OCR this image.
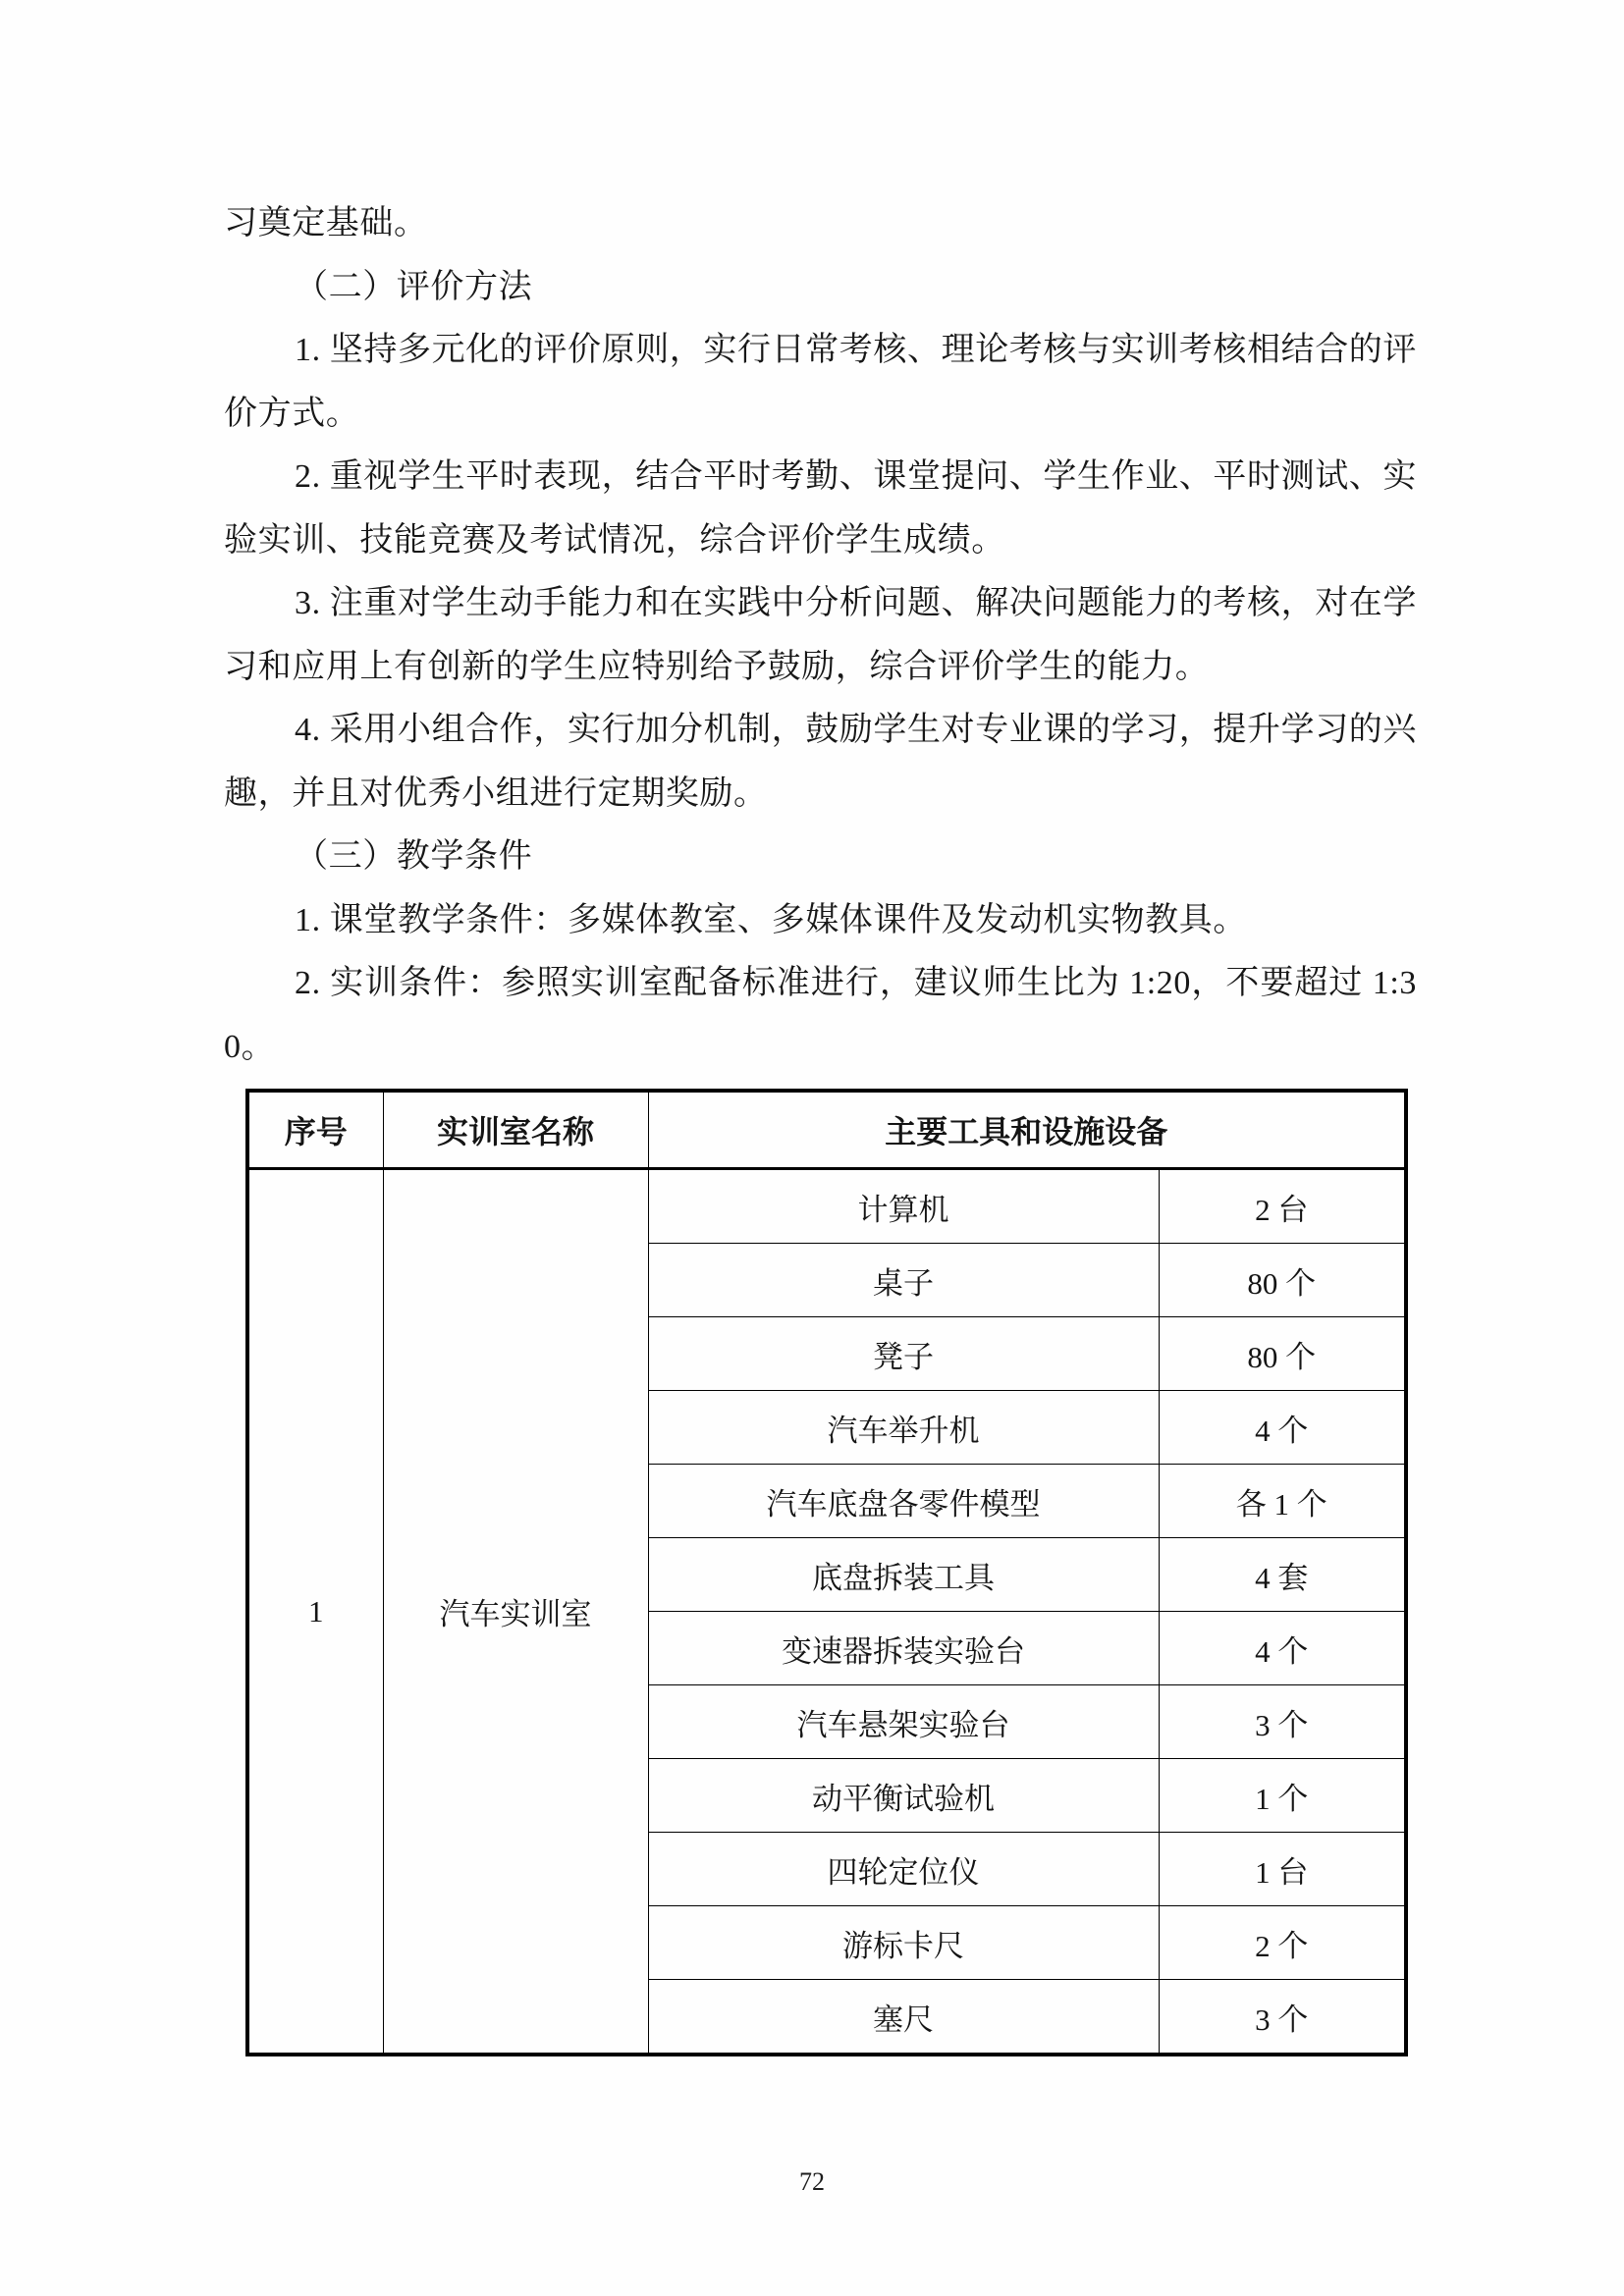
习奠定基础。

（二）评价方法

1. 坚持多元化的评价原则，实行日常考核、理论考核与实训考核相结合的评价方式。

2. 重视学生平时表现，结合平时考勤、课堂提问、学生作业、平时测试、实验实训、技能竞赛及考试情况，综合评价学生成绩。

3. 注重对学生动手能力和在实践中分析问题、解决问题能力的考核，对在学习和应用上有创新的学生应特别给予鼓励，综合评价学生的能力。

4. 采用小组合作，实行加分机制，鼓励学生对专业课的学习，提升学习的兴趣，并且对优秀小组进行定期奖励。

（三）教学条件

1. 课堂教学条件：多媒体教室、多媒体课件及发动机实物教具。

2. 实训条件：参照实训室配备标准进行，建议师生比为 1:20，不要超过 1:30。

序号	实训室名称	主要工具和设施设备	
1	汽车实训室	计算机	2 台
		桌子	80 个
		凳子	80 个
		汽车举升机	4 个
		汽车底盘各零件模型	各 1 个
		底盘拆装工具	4 套
		变速器拆装实验台	4 个
		汽车悬架实验台	3 个
		动平衡试验机	1 个
		四轮定位仪	1 台
		游标卡尺	2 个
		塞尺	3 个
72
